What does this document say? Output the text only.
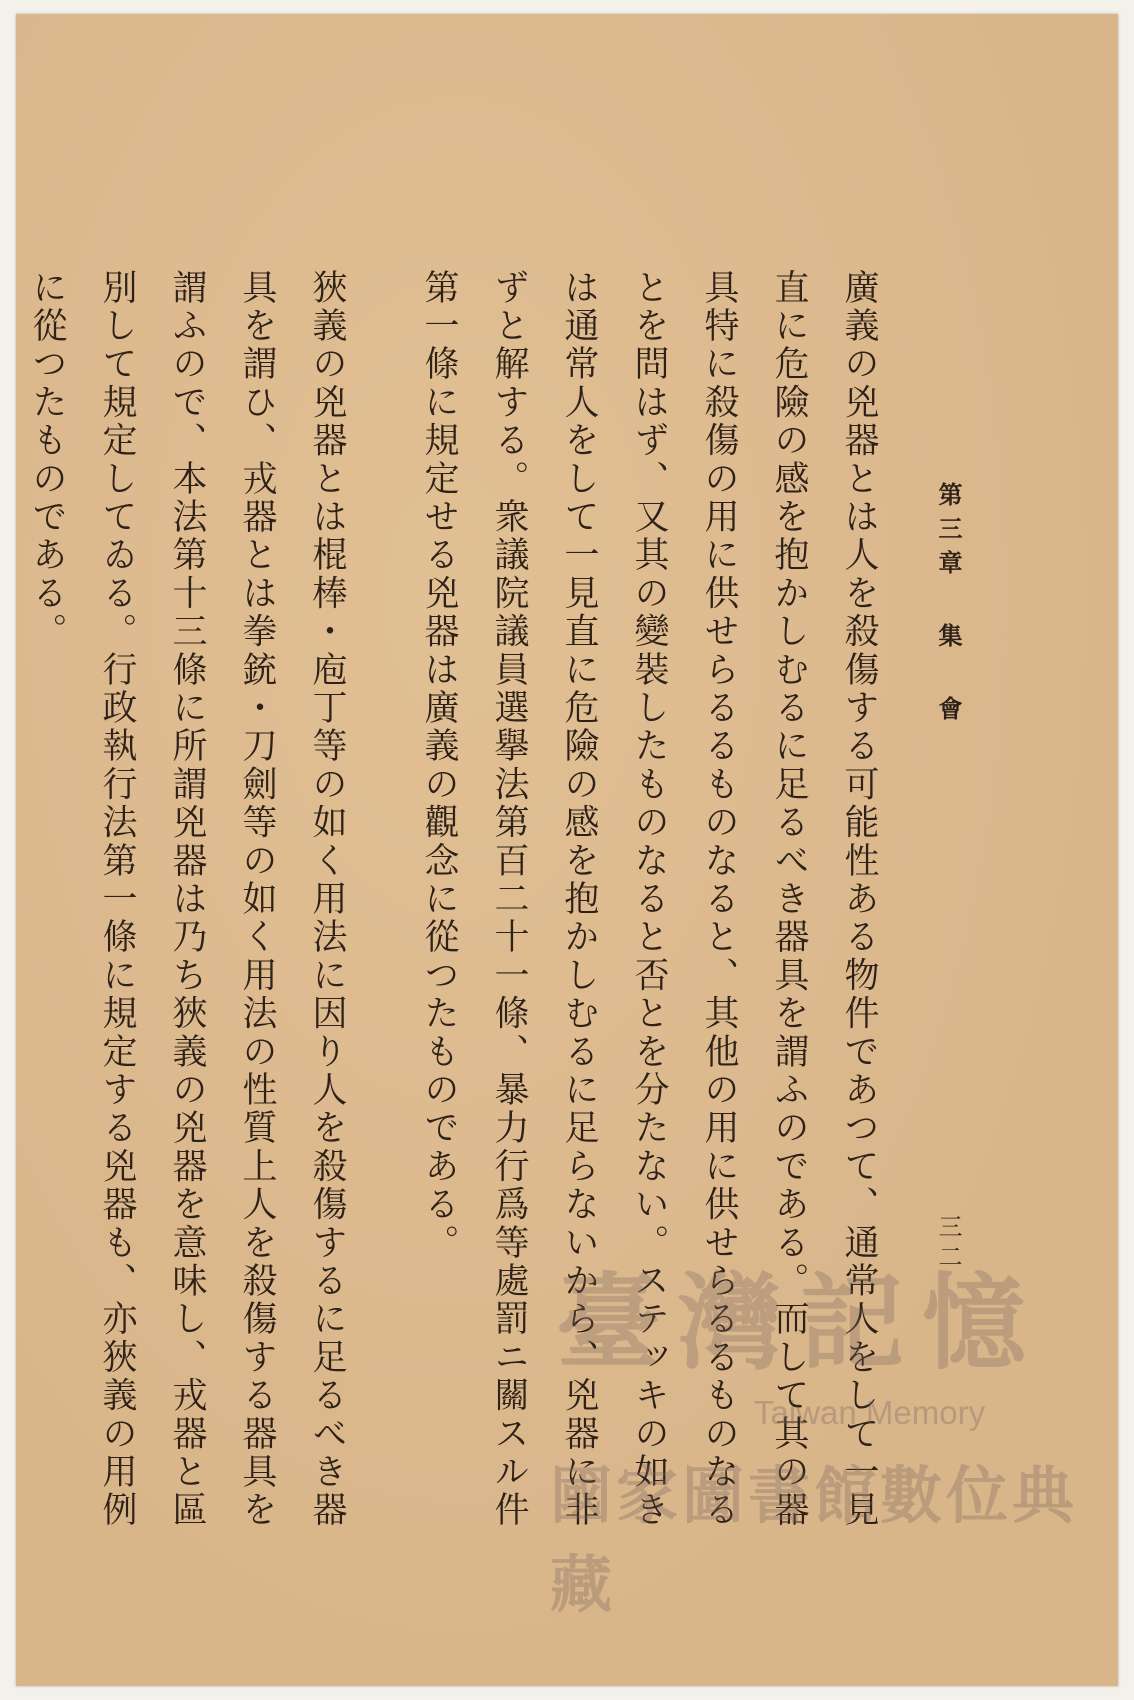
第三章 集 會
三二
廣義の兇器とは人を殺傷する可能性ある物件であつて、通常人をして一見直に危險の感を抱かしむるに足るべき器具を謂ふのである。而して其の器具特に殺傷の用に供せらるるものなると、其他の用に供せらるるものなるとを問はず、又其の變裝したものなると否とを分たない。ステッキの如きは通常人をして一見直に危險の感を抱かしむるに足らないから、兇器に非ずと解する。衆議院議員選擧法第百二十一條、暴力行爲等處罰ニ關スル件第一條に規定せる兇器は廣義の觀念に從つたものである。
狹義の兇器とは棍棒・庖丁等の如く用法に因り人を殺傷するに足るべき器具を謂ひ、戎器とは拳銃・刀劍等の如く用法の性質上人を殺傷する器具を謂ふので、本法第十三條に所謂兇器は乃ち狹義の兇器を意味し、戎器と區別して規定してゐる。行政執行法第一條に規定する兇器も、亦狹義の用例に從つたものである。

臺灣記憶
Taiwan Memory
國家圖書館數位典藏
